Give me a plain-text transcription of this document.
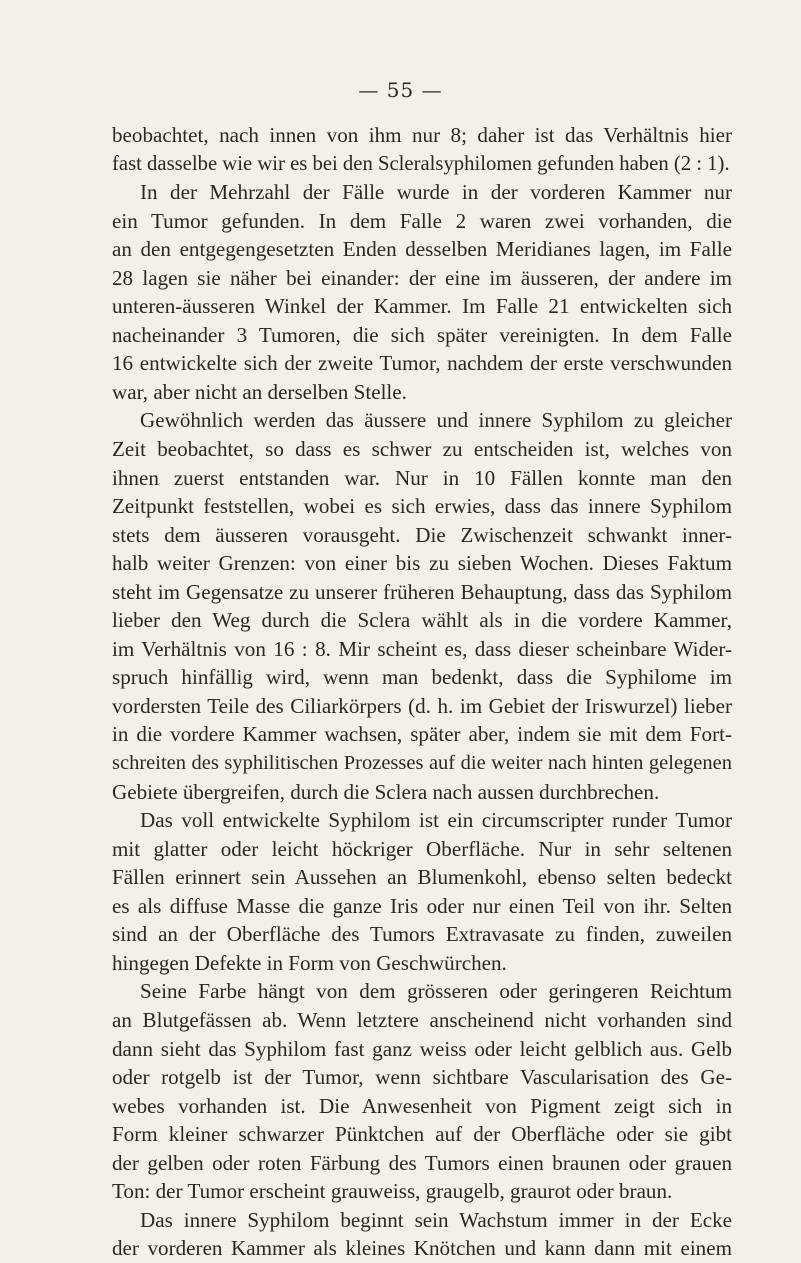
— 55 —
beobachtet, nach innen von ihm nur 8; daher ist das Verhältnis hier
fast dasselbe wie wir es bei den Scleralsyphilomen gefunden haben (2 : 1).
In der Mehrzahl der Fälle wurde in der vorderen Kammer nur
ein Tumor gefunden. In dem Falle 2 waren zwei vorhanden, die
an den entgegengesetzten Enden desselben Meridianes lagen, im Falle
28 lagen sie näher bei einander: der eine im äusseren, der andere im
unteren-äusseren Winkel der Kammer. Im Falle 21 entwickelten sich
nacheinander 3 Tumoren, die sich später vereinigten. In dem Falle
16 entwickelte sich der zweite Tumor, nachdem der erste verschwunden
war, aber nicht an derselben Stelle.
Gewöhnlich werden das äussere und innere Syphilom zu gleicher
Zeit beobachtet, so dass es schwer zu entscheiden ist, welches von
ihnen zuerst entstanden war. Nur in 10 Fällen konnte man den
Zeitpunkt feststellen, wobei es sich erwies, dass das innere Syphilom
stets dem äusseren vorausgeht. Die Zwischenzeit schwankt inner-
halb weiter Grenzen: von einer bis zu sieben Wochen. Dieses Faktum
steht im Gegensatze zu unserer früheren Behauptung, dass das Syphilom
lieber den Weg durch die Sclera wählt als in die vordere Kammer,
im Verhältnis von 16 : 8. Mir scheint es, dass dieser scheinbare Wider-
spruch hinfällig wird, wenn man bedenkt, dass die Syphilome im
vordersten Teile des Ciliarkörpers (d. h. im Gebiet der Iriswurzel) lieber
in die vordere Kammer wachsen, später aber, indem sie mit dem Fort-
schreiten des syphilitischen Prozesses auf die weiter nach hinten gelegenen
Gebiete übergreifen, durch die Sclera nach aussen durchbrechen.
Das voll entwickelte Syphilom ist ein circumscripter runder Tumor
mit glatter oder leicht höckriger Oberfläche. Nur in sehr seltenen
Fällen erinnert sein Aussehen an Blumenkohl, ebenso selten bedeckt
es als diffuse Masse die ganze Iris oder nur einen Teil von ihr. Selten
sind an der Oberfläche des Tumors Extravasate zu finden, zuweilen
hingegen Defekte in Form von Geschwürchen.
Seine Farbe hängt von dem grösseren oder geringeren Reichtum
an Blutgefässen ab. Wenn letztere anscheinend nicht vorhanden sind
dann sieht das Syphilom fast ganz weiss oder leicht gelblich aus. Gelb
oder rotgelb ist der Tumor, wenn sichtbare Vascularisation des Ge-
webes vorhanden ist. Die Anwesenheit von Pigment zeigt sich in
Form kleiner schwarzer Pünktchen auf der Oberfläche oder sie gibt
der gelben oder roten Färbung des Tumors einen braunen oder grauen
Ton: der Tumor erscheint grauweiss, graugelb, graurot oder braun.
Das innere Syphilom beginnt sein Wachstum immer in der Ecke
der vorderen Kammer als kleines Knötchen und kann dann mit einem
